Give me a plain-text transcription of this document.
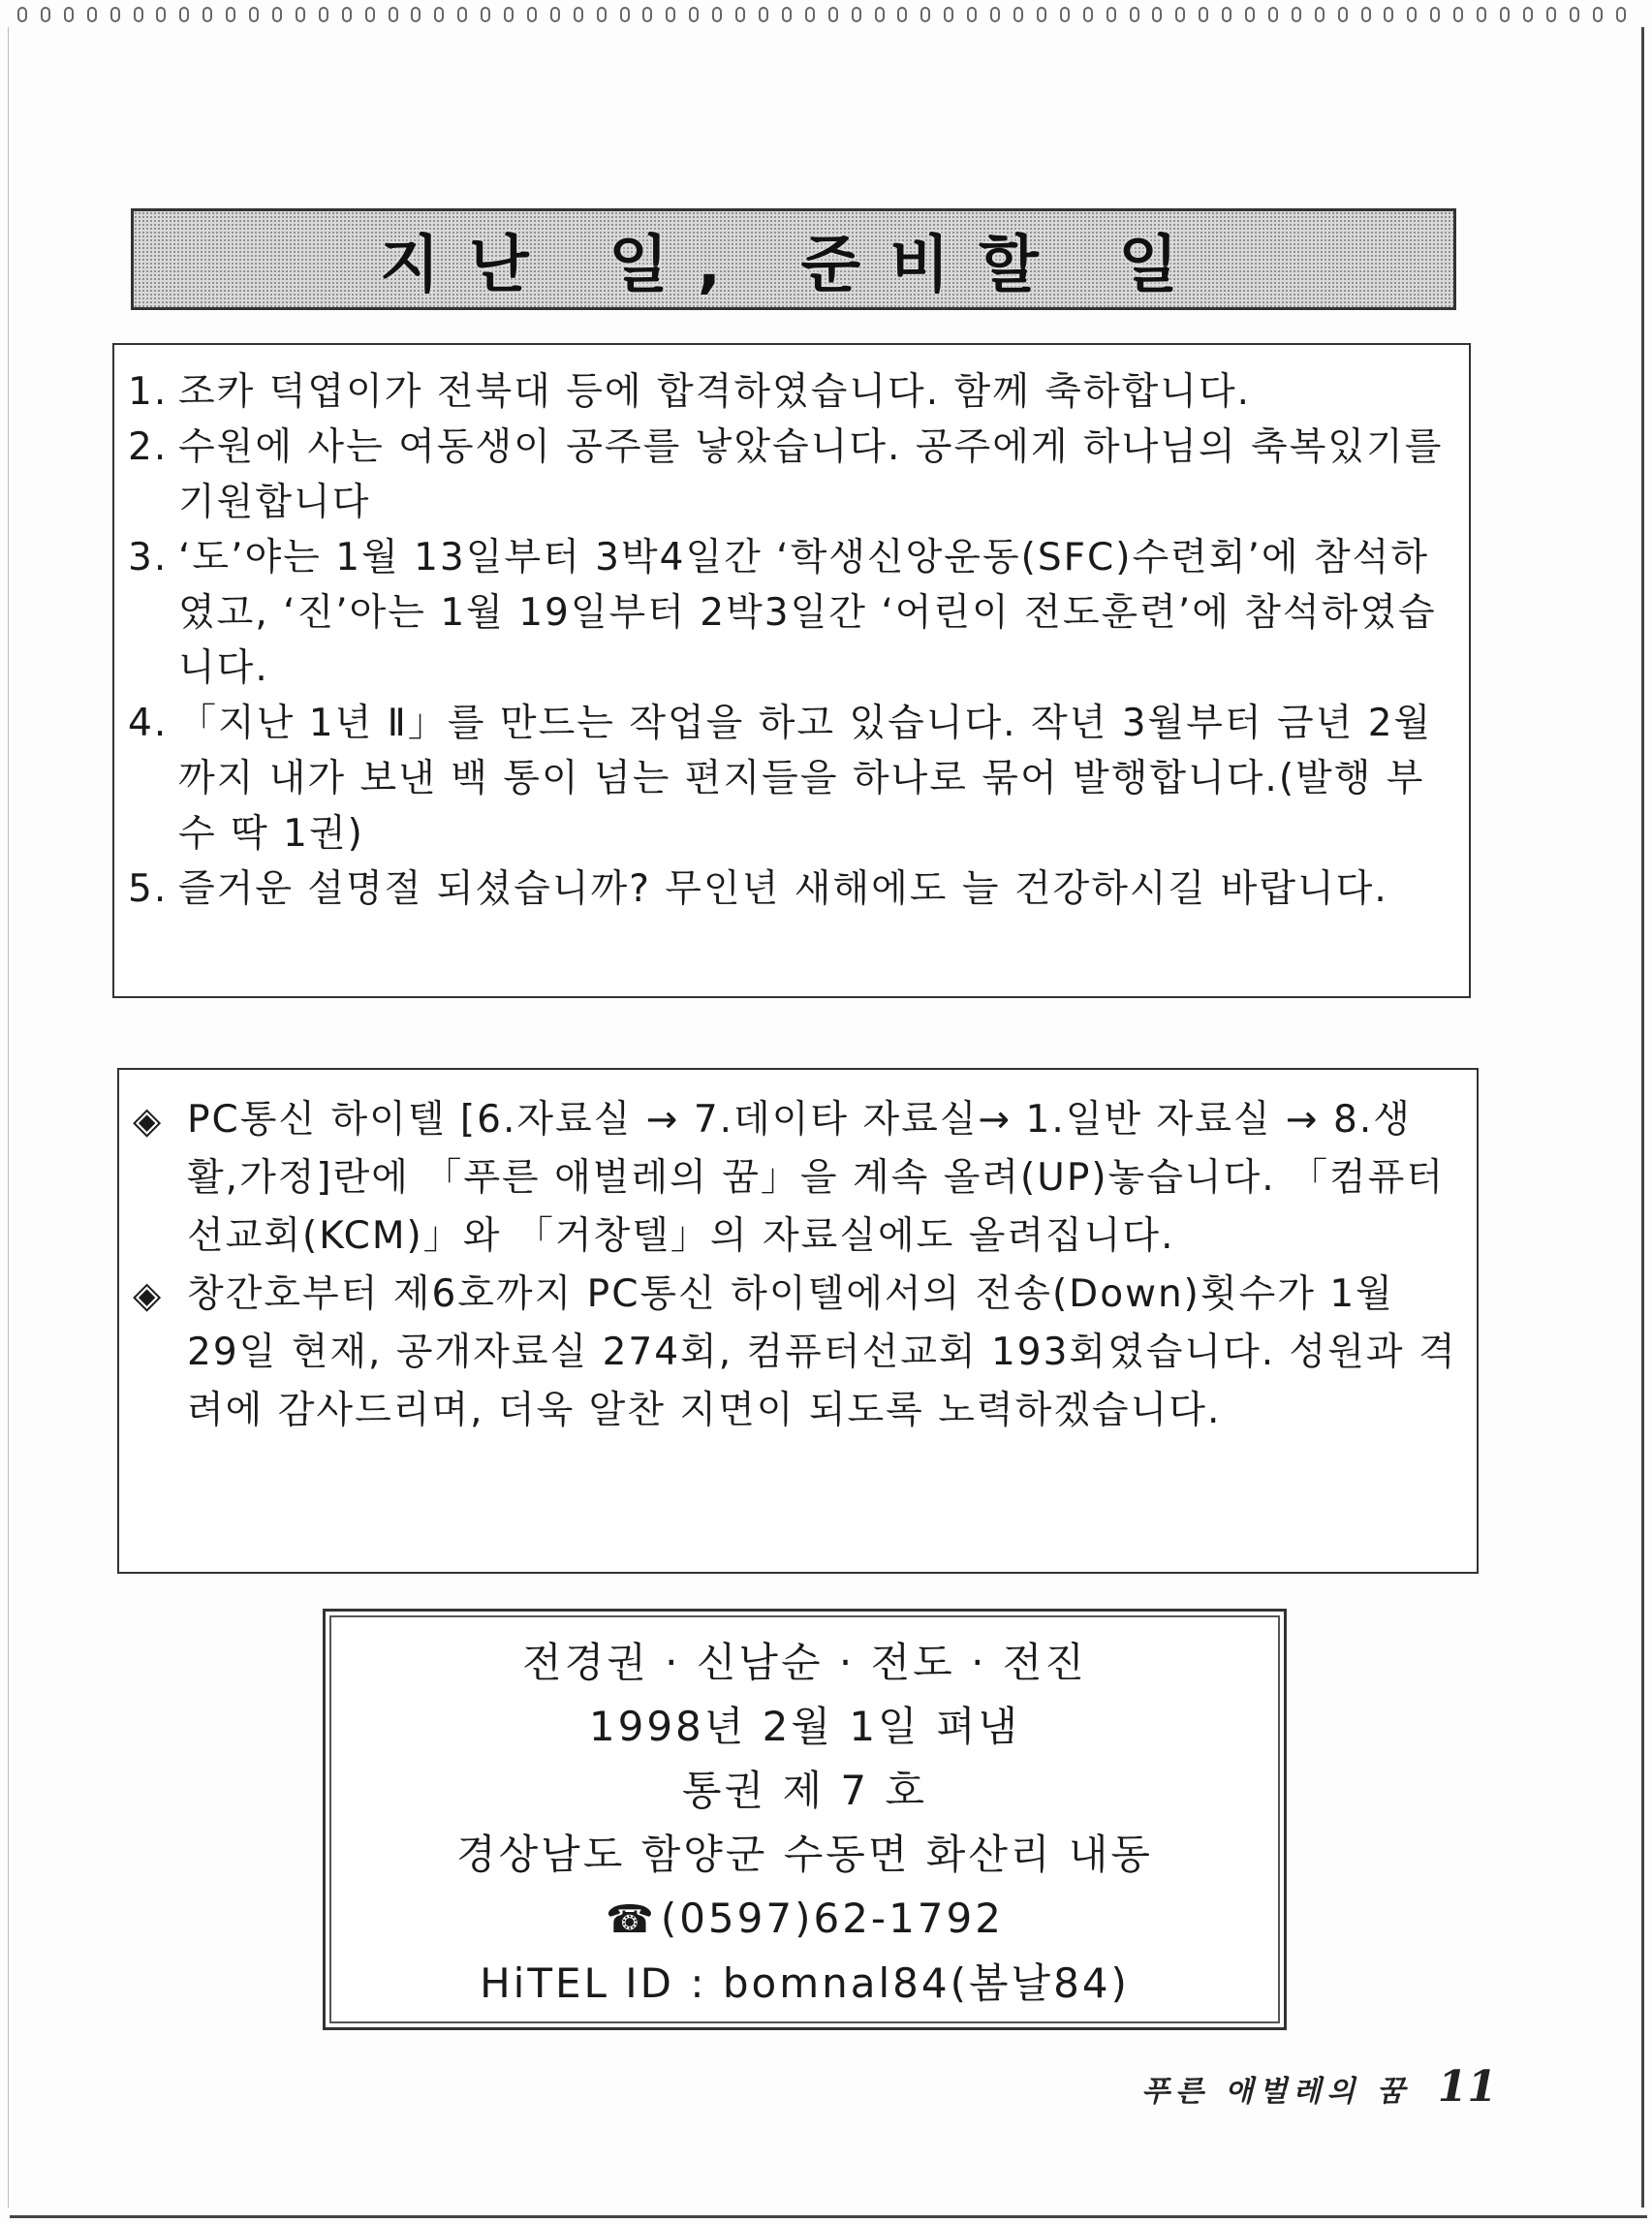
지난 일, 준비할 일
1. 조카 덕엽이가 전북대 등에 합격하였습니다. 함께 축하합니다.
2. 수원에 사는 여동생이 공주를 낳았습니다. 공주에게 하나님의 축복있기를 기원합니다
3. ‘도’야는 1월 13일부터 3박4일간 ‘학생신앙운동(SFC)수련회’에 참석하였고, ‘진’아는 1월 19일부터 2박3일간 ‘어린이 전도훈련’에 참석하였습니다.
4. 「지난 1년 Ⅱ」를 만드는 작업을 하고 있습니다. 작년 3월부터 금년 2월까지 내가 보낸 백 통이 넘는 편지들을 하나로 묶어 발행합니다.(발행 부수 딱 1권)
5. 즐거운 설명절 되셨습니까? 무인년 새해에도 늘 건강하시길 바랍니다.
◈ PC통신 하이텔 [6.자료실 → 7.데이타 자료실→ 1.일반 자료실 → 8.생활,가정]란에 「푸른 애벌레의 꿈」을 계속 올려(UP)놓습니다. 「컴퓨터선교회(KCM)」와 「거창텔」의 자료실에도 올려집니다.
◈ 창간호부터 제6호까지 PC통신 하이텔에서의 전송(Down)횟수가 1월 29일 현재, 공개자료실 274회, 컴퓨터선교회 193회였습니다. 성원과 격려에 감사드리며, 더욱 알찬 지면이 되도록 노력하겠습니다.
전경권 · 신남순 · 전도 · 전진
1998년 2월 1일 펴냄
통권 제 7 호
경상남도 함양군 수동면 화산리 내동
☎(0597)62-1792
HiTEL ID : bomnal84(봄날84)
푸른 애벌레의 꿈 11
